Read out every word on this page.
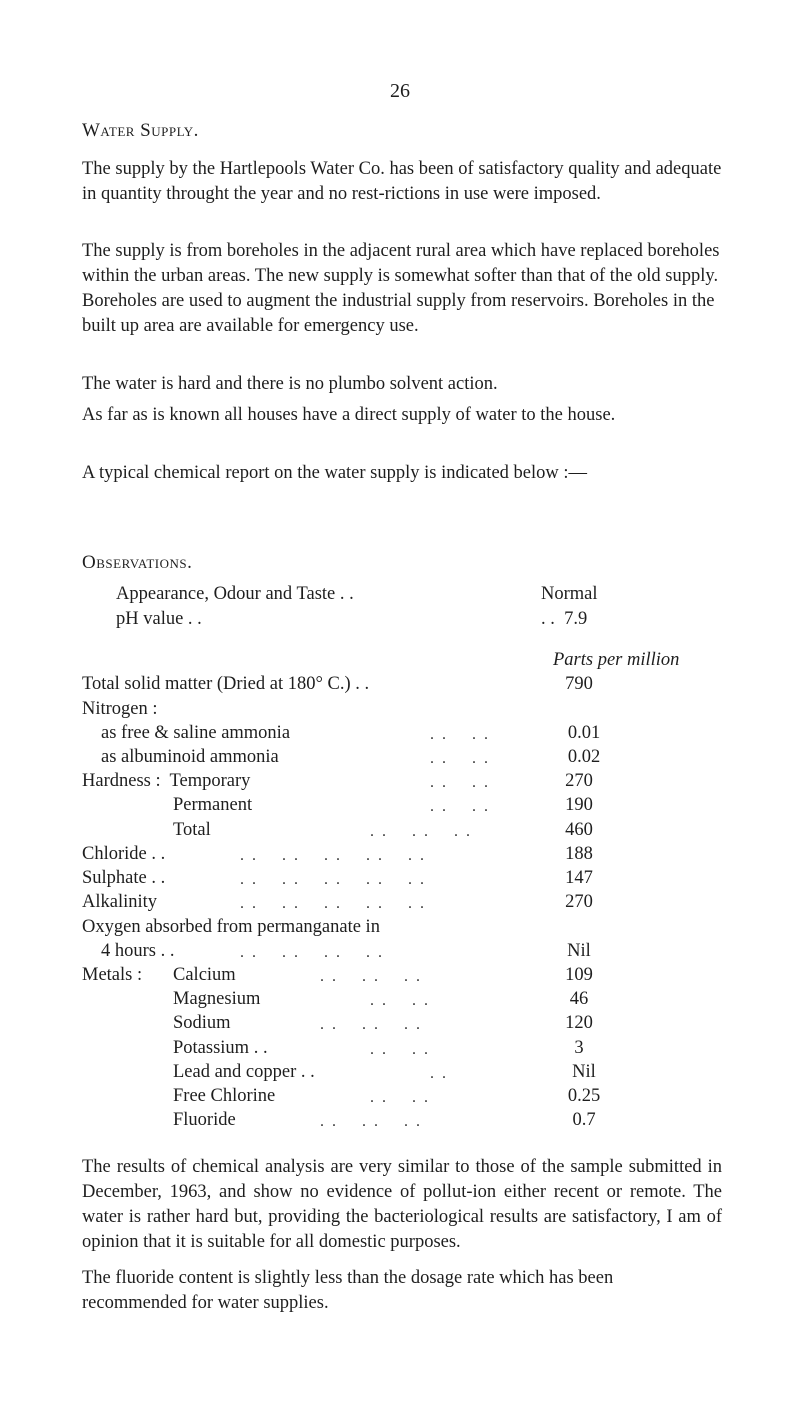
26
Water Supply.
The supply by the Hartlepools Water Co. has been of satisfactory quality and adequate in quantity throught the year and no rest-rictions in use were imposed.
The supply is from boreholes in the adjacent rural area which have replaced boreholes within the urban areas. The new supply is somewhat softer than that of the old supply. Boreholes are used to augment the industrial supply from reservoirs. Boreholes in the built up area are available for emergency use.
The water is hard and there is no plumbo solvent action.
As far as is known all houses have a direct supply of water to the house.
A typical chemical report on the water supply is indicated below :—
Observations.
Appearance, Odour and Taste . .	Normal
pH value . .	. .  7.9
Parts per million
Total solid matter (Dried at 180° C.) . .	790
Nitrogen :
as free & saline ammonia	. .    . .	0.01
as albuminoid ammonia	. .    . .	0.02
Hardness :  Temporary	. .    . .	270
Permanent	. .    . .	190
Total	. .    . .    . .	460
Chloride . .	. .    . .    . .    . .    . .	188
Sulphate . .	. .    . .    . .    . .    . .	147
Alkalinity	. .    . .    . .    . .    . .	270
Oxygen absorbed from permanganate in
4 hours . .	. .    . .    . .    . .	Nil
Metals : Calcium	. .    . .    . .	109
Magnesium	. .    . .	46
Sodium	. .    . .    . .	120
Potassium . .	. .    . .	3
Lead and copper . .	. .	Nil
Free Chlorine	. .    . .	0.25
Fluoride	. .    . .    . .	0.7
The results of chemical analysis are very similar to those of the sample submitted in December, 1963, and show no evidence of pollut-ion either recent or remote. The water is rather hard but, providing the bacteriological results are satisfactory, I am of opinion that it is suitable for all domestic purposes.
The fluoride content is slightly less than the dosage rate which has been recommended for water supplies.
